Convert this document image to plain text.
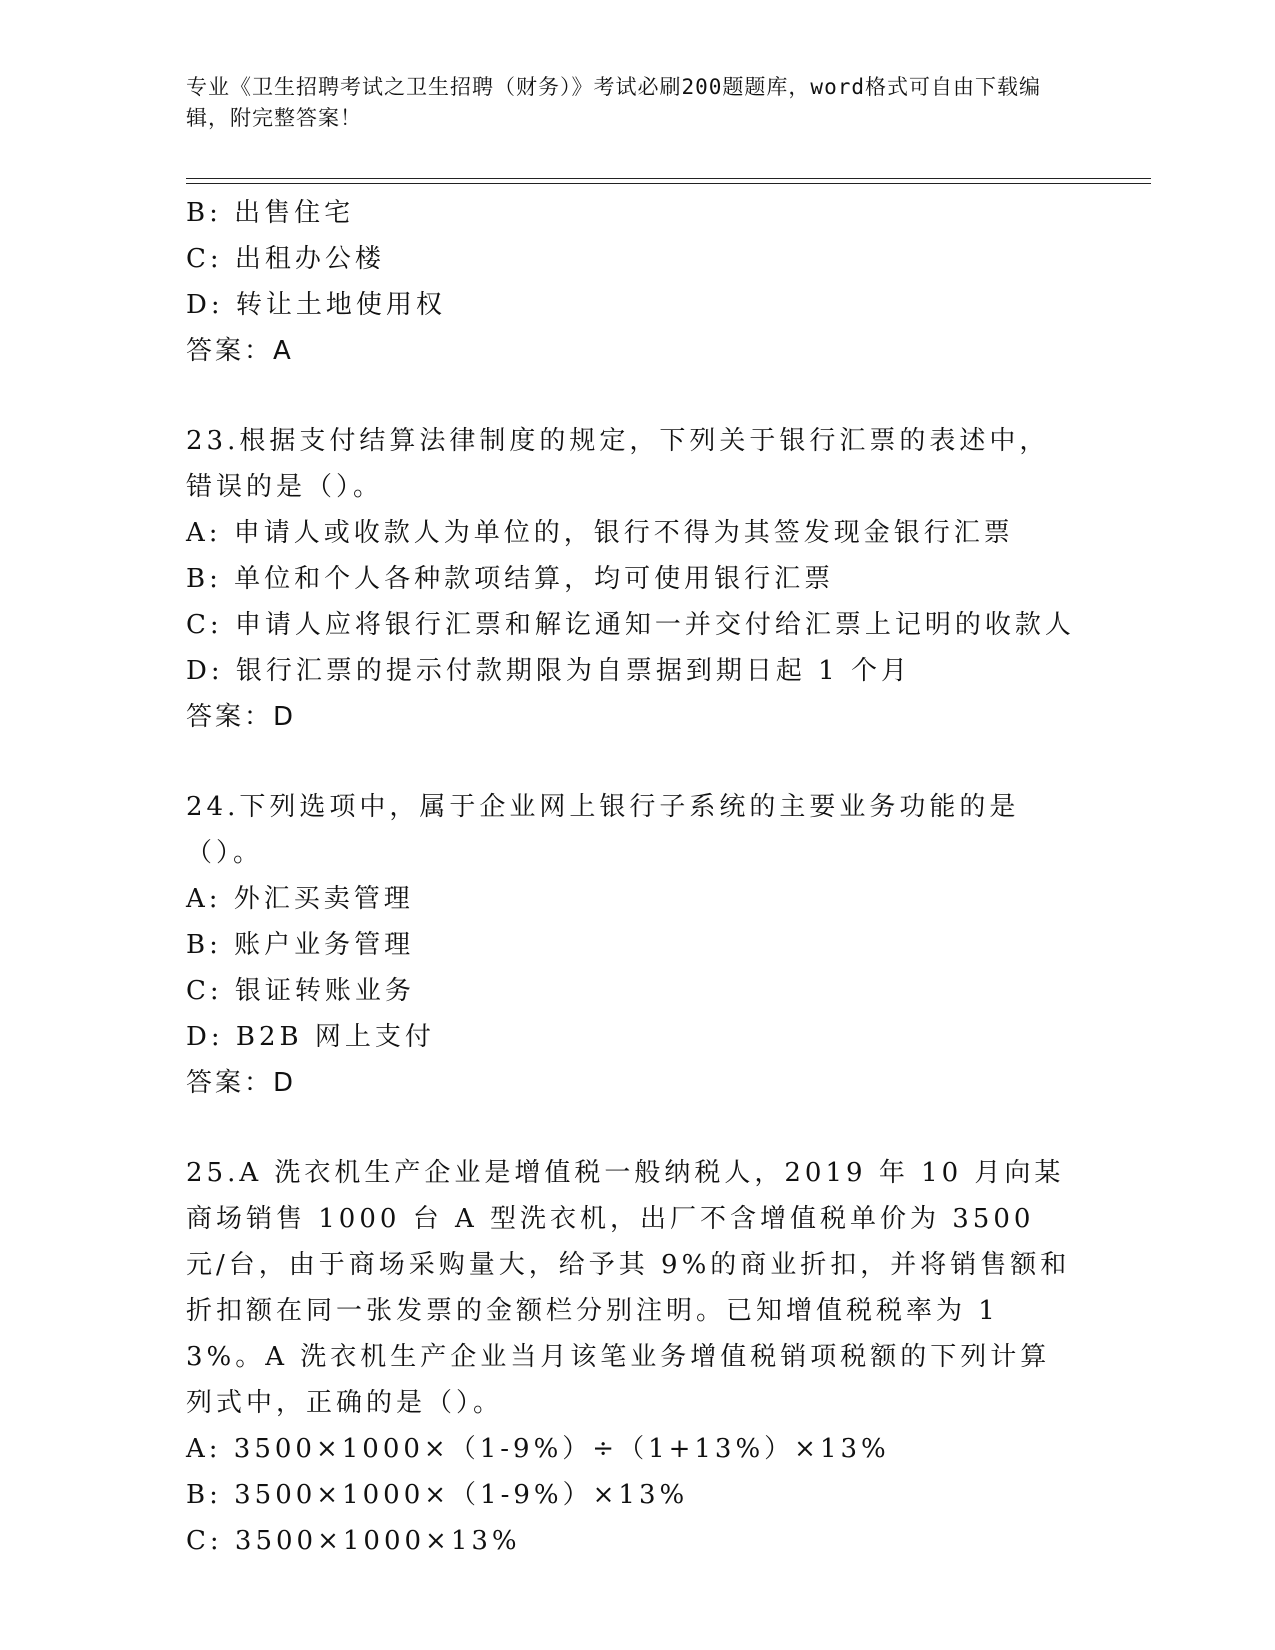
专业《卫生招聘考试之卫生招聘（财务）》考试必刷200题题库，word格式可自由下载编辑，附完整答案！
B: 出售住宅
C: 出租办公楼
D: 转让土地使用权
答案：A
23.根据支付结算法律制度的规定，下列关于银行汇票的表述中，错误的是（）。
A: 申请人或收款人为单位的，银行不得为其签发现金银行汇票
B: 单位和个人各种款项结算，均可使用银行汇票
C: 申请人应将银行汇票和解讫通知一并交付给汇票上记明的收款人
D: 银行汇票的提示付款期限为自票据到期日起 1 个月
答案：D
24.下列选项中，属于企业网上银行子系统的主要业务功能的是（）。
A: 外汇买卖管理
B: 账户业务管理
C: 银证转账业务
D: B2B 网上支付
答案：D
25.A 洗衣机生产企业是增值税一般纳税人，2019 年 10 月向某商场销售 1000 台 A 型洗衣机，出厂不含增值税单价为 3500 元/台，由于商场采购量大，给予其 9%的商业折扣，并将销售额和折扣额在同一张发票的金额栏分别注明。已知增值税税率为 13%。A 洗衣机生产企业当月该笔业务增值税销项税额的下列计算列式中，正确的是（）。
A: 3500×1000×（1-9%）÷（1+13%）×13%
B: 3500×1000×（1-9%）×13%
C: 3500×1000×13%
